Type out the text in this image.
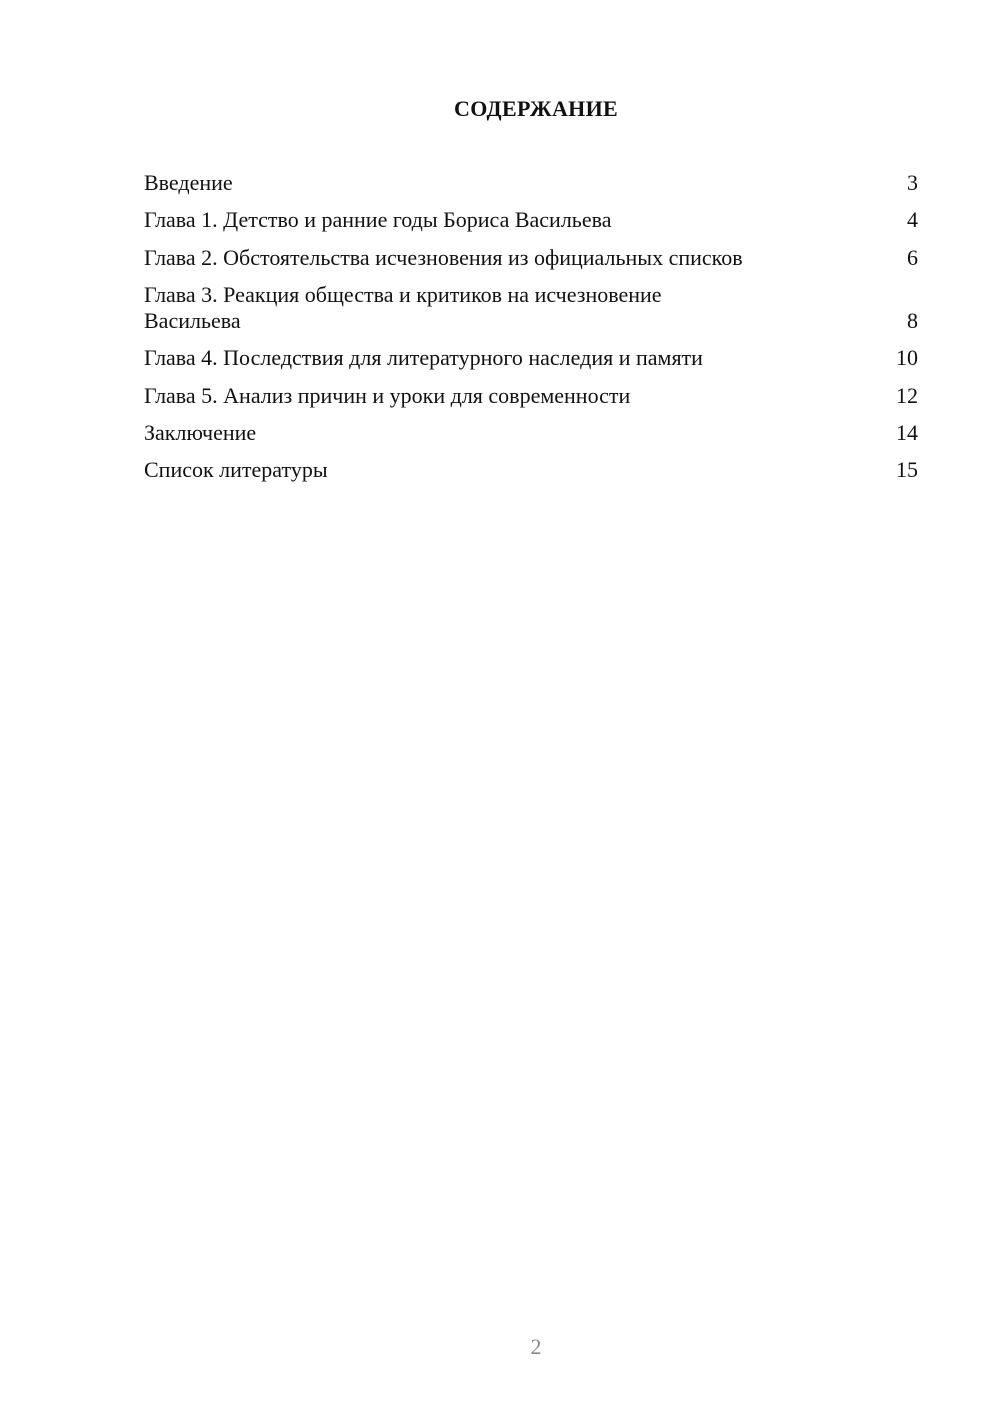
СОДЕРЖАНИЕ
Введение	3
Глава 1. Детство и ранние годы Бориса Васильева	4
Глава 2. Обстоятельства исчезновения из официальных списков	6
Глава 3. Реакция общества и критиков на исчезновение
Васильева	8
Глава 4. Последствия для литературного наследия и памяти	10
Глава 5. Анализ причин и уроки для современности	12
Заключение	14
Список литературы	15
2
